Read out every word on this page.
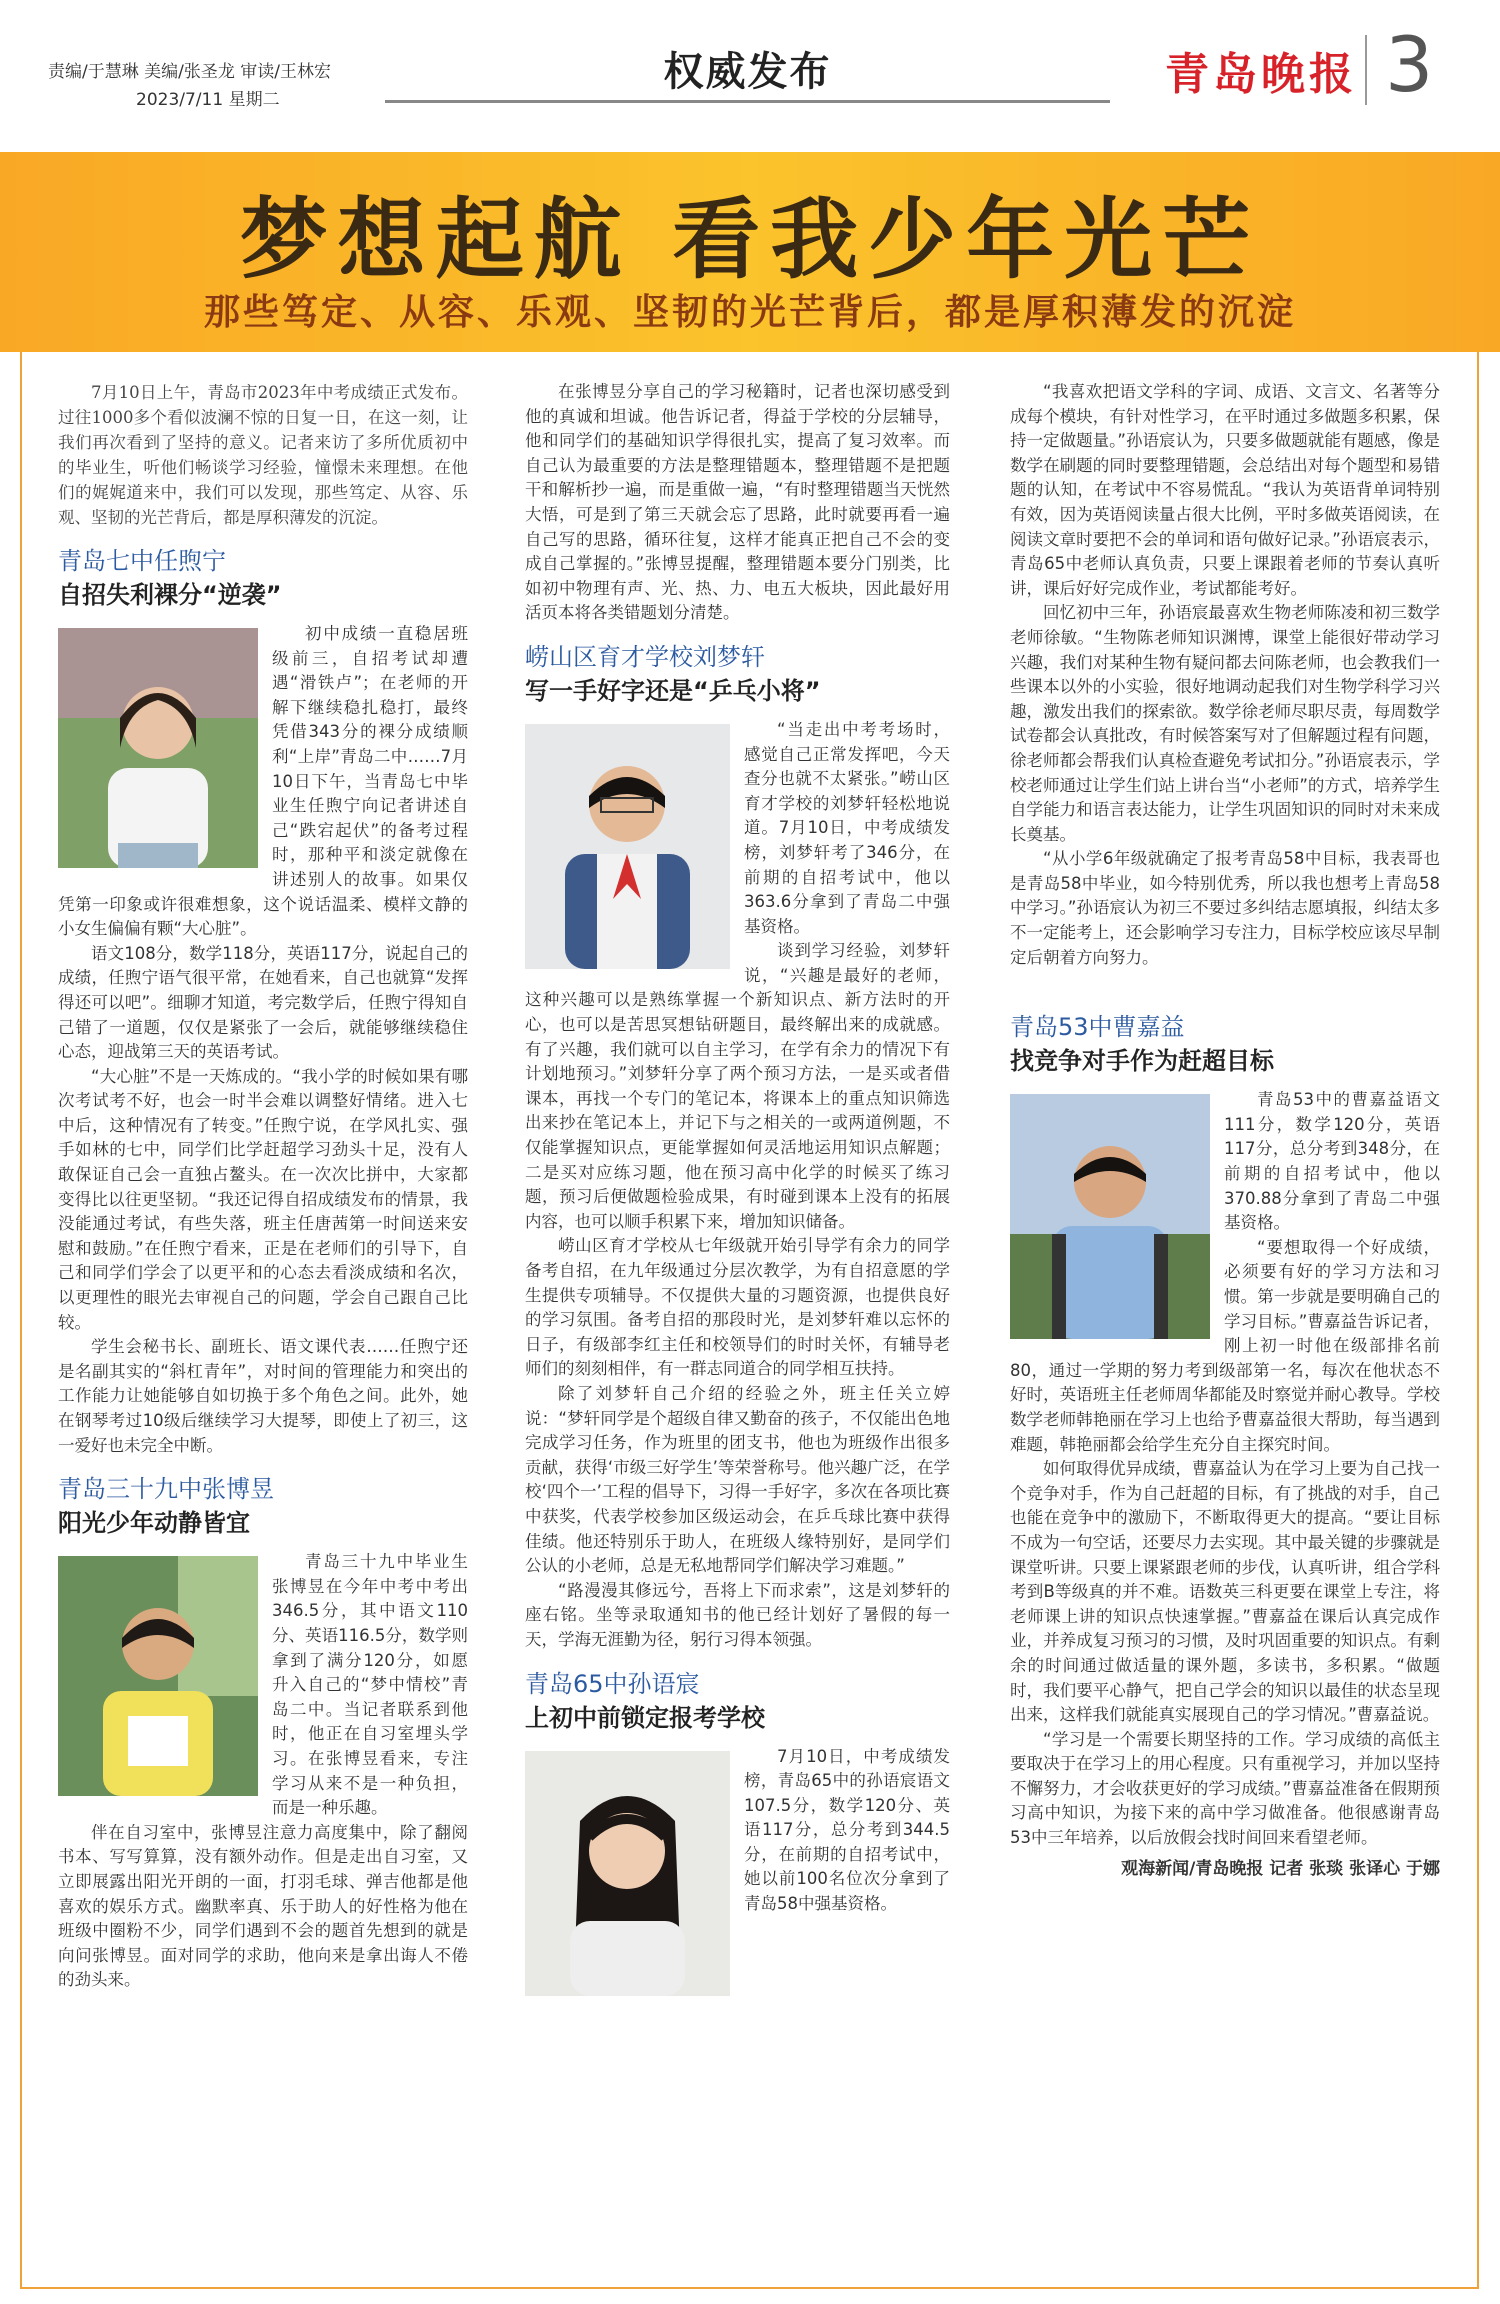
责编/于慧琳 美编/张圣龙 审读/王林宏
2023/7/11 星期二
权威发布	青岛晚报 3
梦想起航 看我少年光芒
那些笃定、从容、乐观、坚韧的光芒背后，都是厚积薄发的沉淀

7月10日上午，青岛市2023年中考成绩正式发布。过往1000多个看似波澜不惊的日复一日，在这一刻，让我们再次看到了坚持的意义。记者来访了多所优质初中的毕业生，听他们畅谈学习经验，憧憬未来理想。在他们的娓娓道来中，我们可以发现，那些笃定、从容、乐观、坚韧的光芒背后，都是厚积薄发的沉淀。

青岛七中任煦宁
自招失利裸分“逆袭”

初中成绩一直稳居班级前三，自招考试却遭遇“滑铁卢”；在老师的开解下继续稳扎稳打，最终凭借343分的裸分成绩顺利“上岸”青岛二中……7月10日下午，当青岛七中毕业生任煦宁向记者讲述自己“跌宕起伏”的备考过程时，那种平和淡定就像在讲述别人的故事。如果仅凭第一印象或许很难想象，这个说话温柔、模样文静的小女生偏偏有颗“大心脏”。

语文108分，数学118分，英语117分，说起自己的成绩，任煦宁语气很平常，在她看来，自己也就算“发挥得还可以吧”。细聊才知道，考完数学后，任煦宁得知自己错了一道题，仅仅是紧张了一会后，就能够继续稳住心态，迎战第三天的英语考试。

“大心脏”不是一天炼成的。“我小学的时候如果有哪次考试考不好，也会一时半会难以调整好情绪。进入七中后，这种情况有了转变。”任煦宁说，在学风扎实、强手如林的七中，同学们比学赶超学习劲头十足，没有人敢保证自己会一直独占鳌头。在一次次比拼中，大家都变得比以往更坚韧。“我还记得自招成绩发布的情景，我没能通过考试，有些失落，班主任唐茜第一时间送来安慰和鼓励。”在任煦宁看来，正是在老师们的引导下，自己和同学们学会了以更平和的心态去看淡成绩和名次，以更理性的眼光去审视自己的问题，学会自己跟自己比较。

学生会秘书长、副班长、语文课代表……任煦宁还是名副其实的“斜杠青年”，对时间的管理能力和突出的工作能力让她能够自如切换于多个角色之间。此外，她在钢琴考过10级后继续学习大提琴，即使上了初三，这一爱好也未完全中断。

青岛三十九中张博昱
阳光少年动静皆宜

青岛三十九中毕业生张博昱在今年中考中考出346.5分，其中语文110分、英语116.5分，数学则拿到了满分120分，如愿升入自己的“梦中情校”青岛二中。当记者联系到他时，他正在自习室埋头学习。在张博昱看来，专注学习从来不是一种负担，而是一种乐趣。

伴在自习室中，张博昱注意力高度集中，除了翻阅书本、写写算算，没有额外动作。但是走出自习室，又立即展露出阳光开朗的一面，打羽毛球、弹吉他都是他喜欢的娱乐方式。幽默率真、乐于助人的好性格为他在班级中圈粉不少，同学们遇到不会的题首先想到的就是向问张博昱。面对同学的求助，他向来是拿出诲人不倦的劲头来。

在张博昱分享自己的学习秘籍时，记者也深切感受到他的真诚和坦诚。他告诉记者，得益于学校的分层辅导，他和同学们的基础知识学得很扎实，提高了复习效率。而自己认为最重要的方法是整理错题本，整理错题不是把题干和解析抄一遍，而是重做一遍，“有时整理错题当天恍然大悟，可是到了第三天就会忘了思路，此时就要再看一遍自己写的思路，循环往复，这样才能真正把自己不会的变成自己掌握的。”张博昱提醒，整理错题本要分门别类，比如初中物理有声、光、热、力、电五大板块，因此最好用活页本将各类错题划分清楚。

崂山区育才学校刘梦轩
写一手好字还是“乒乓小将”

“当走出中考考场时，感觉自己正常发挥吧，今天查分也就不太紧张。”崂山区育才学校的刘梦轩轻松地说道。7月10日，中考成绩发榜，刘梦轩考了346分，在前期的自招考试中，他以363.6分拿到了青岛二中强基资格。

谈到学习经验，刘梦轩说，“兴趣是最好的老师，这种兴趣可以是熟练掌握一个新知识点、新方法时的开心，也可以是苦思冥想钻研题目，最终解出来的成就感。有了兴趣，我们就可以自主学习，在学有余力的情况下有计划地预习。”刘梦轩分享了两个预习方法，一是买或者借课本，再找一个专门的笔记本，将课本上的重点知识筛选出来抄在笔记本上，并记下与之相关的一或两道例题，不仅能掌握知识点，更能掌握如何灵活地运用知识点解题；二是买对应练习题，他在预习高中化学的时候买了练习题，预习后便做题检验成果，有时碰到课本上没有的拓展内容，也可以顺手积累下来，增加知识储备。

崂山区育才学校从七年级就开始引导学有余力的同学备考自招，在九年级通过分层次教学，为有自招意愿的学生提供专项辅导。不仅提供大量的习题资源，也提供良好的学习氛围。备考自招的那段时光，是刘梦轩难以忘怀的日子，有级部李红主任和校领导们的时时关怀，有辅导老师们的刻刻相伴，有一群志同道合的同学相互扶持。

除了刘梦轩自己介绍的经验之外，班主任关立婷说：“梦轩同学是个超级自律又勤奋的孩子，不仅能出色地完成学习任务，作为班里的团支书，他也为班级作出很多贡献，获得‘市级三好学生’等荣誉称号。他兴趣广泛，在学校‘四个一’工程的倡导下，习得一手好字，多次在各项比赛中获奖，代表学校参加区级运动会，在乒乓球比赛中获得佳绩。他还特别乐于助人，在班级人缘特别好，是同学们公认的小老师，总是无私地帮同学们解决学习难题。”

“路漫漫其修远兮，吾将上下而求索”，这是刘梦轩的座右铭。坐等录取通知书的他已经计划好了暑假的每一天，学海无涯勤为径，躬行习得本领强。

青岛65中孙语宸
上初中前锁定报考学校

7月10日，中考成绩发榜，青岛65中的孙语宸语文107.5分，数学120分、英语117分，总分考到344.5分，在前期的自招考试中，她以前100名位次分拿到了青岛58中强基资格。

“我喜欢把语文学科的字词、成语、文言文、名著等分成每个模块，有针对性学习，在平时通过多做题多积累，保持一定做题量。”孙语宸认为，只要多做题就能有题感，像是数学在刷题的同时要整理错题，会总结出对每个题型和易错题的认知，在考试中不容易慌乱。“我认为英语背单词特别有效，因为英语阅读量占很大比例，平时多做英语阅读，在阅读文章时要把不会的单词和语句做好记录。”孙语宸表示，青岛65中老师认真负责，只要上课跟着老师的节奏认真听讲，课后好好完成作业，考试都能考好。

回忆初中三年，孙语宸最喜欢生物老师陈凌和初三数学老师徐敏。“生物陈老师知识渊博，课堂上能很好带动学习兴趣，我们对某种生物有疑问都去问陈老师，也会教我们一些课本以外的小实验，很好地调动起我们对生物学科学习兴趣，激发出我们的探索欲。数学徐老师尽职尽责，每周数学试卷都会认真批改，有时候答案写对了但解题过程有问题，徐老师都会帮我们认真检查避免考试扣分。”孙语宸表示，学校老师通过让学生们站上讲台当“小老师”的方式，培养学生自学能力和语言表达能力，让学生巩固知识的同时对未来成长奠基。

“从小学6年级就确定了报考青岛58中目标，我表哥也是青岛58中毕业，如今特别优秀，所以我也想考上青岛58中学习。”孙语宸认为初三不要过多纠结志愿填报，纠结太多不一定能考上，还会影响学习专注力，目标学校应该尽早制定后朝着方向努力。

青岛53中曹嘉益
找竞争对手作为赶超目标

青岛53中的曹嘉益语文111分，数学120分，英语117分，总分考到348分，在前期的自招考试中，他以370.88分拿到了青岛二中强基资格。

“要想取得一个好成绩，必须要有好的学习方法和习惯。第一步就是要明确自己的学习目标。”曹嘉益告诉记者，刚上初一时他在级部排名前80，通过一学期的努力考到级部第一名，每次在他状态不好时，英语班主任老师周华都能及时察觉并耐心教导。学校数学老师韩艳丽在学习上也给予曹嘉益很大帮助，每当遇到难题，韩艳丽都会给学生充分自主探究时间。

如何取得优异成绩，曹嘉益认为在学习上要为自己找一个竞争对手，作为自己赶超的目标，有了挑战的对手，自己也能在竞争中的激励下，不断取得更大的提高。“要让目标不成为一句空话，还要尽力去实现。其中最关键的步骤就是课堂听讲。只要上课紧跟老师的步伐，认真听讲，组合学科考到B等级真的并不难。语数英三科更要在课堂上专注，将老师课上讲的知识点快速掌握。”曹嘉益在课后认真完成作业，并养成复习预习的习惯，及时巩固重要的知识点。有剩余的时间通过做适量的课外题，多读书，多积累。“做题时，我们要平心静气，把自己学会的知识以最佳的状态呈现出来，这样我们就能真实展现自己的学习情况。”曹嘉益说。

“学习是一个需要长期坚持的工作。学习成绩的高低主要取决于在学习上的用心程度。只有重视学习，并加以坚持不懈努力，才会收获更好的学习成绩。”曹嘉益准备在假期预习高中知识，为接下来的高中学习做准备。他很感谢青岛53中三年培养，以后放假会找时间回来看望老师。

观海新闻/青岛晚报 记者 张琰 张译心 于娜
